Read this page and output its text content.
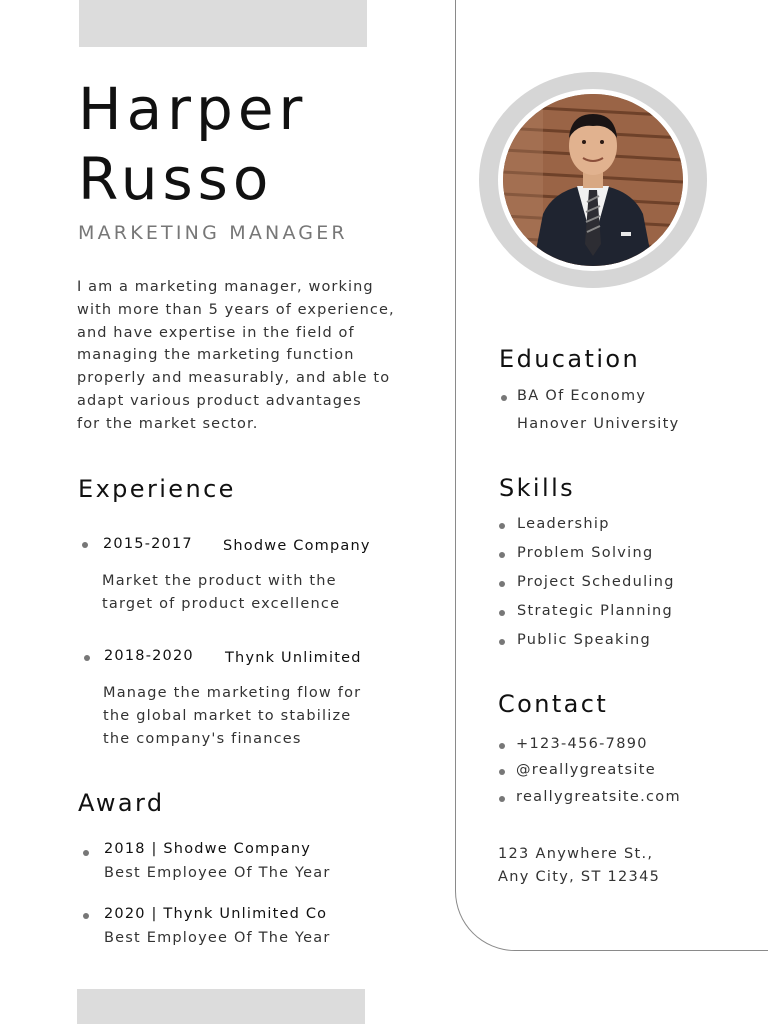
Harper
Russo
MARKETING MANAGER
I am a marketing manager, working
with more than 5 years of experience,
and have expertise in the field of
managing the marketing function
properly and measurably, and able to
adapt various product advantages
for the market sector.
Experience
2015-2017 Shodwe Company
Market the product with the
target of product excellence
2018-2020 Thynk Unlimited
Manage the marketing flow for
the global market to stabilize
the company's finances
Award
2018 | Shodwe Company
Best Employee Of The Year
2020 | Thynk Unlimited Co
Best Employee Of The Year
Education
BA Of Economy
Hanover University
Skills
Leadership
Problem Solving
Project Scheduling
Strategic Planning
Public Speaking
Contact
+123-456-7890
@reallygreatsite
reallygreatsite.com
123 Anywhere St.,
Any City, ST 12345
